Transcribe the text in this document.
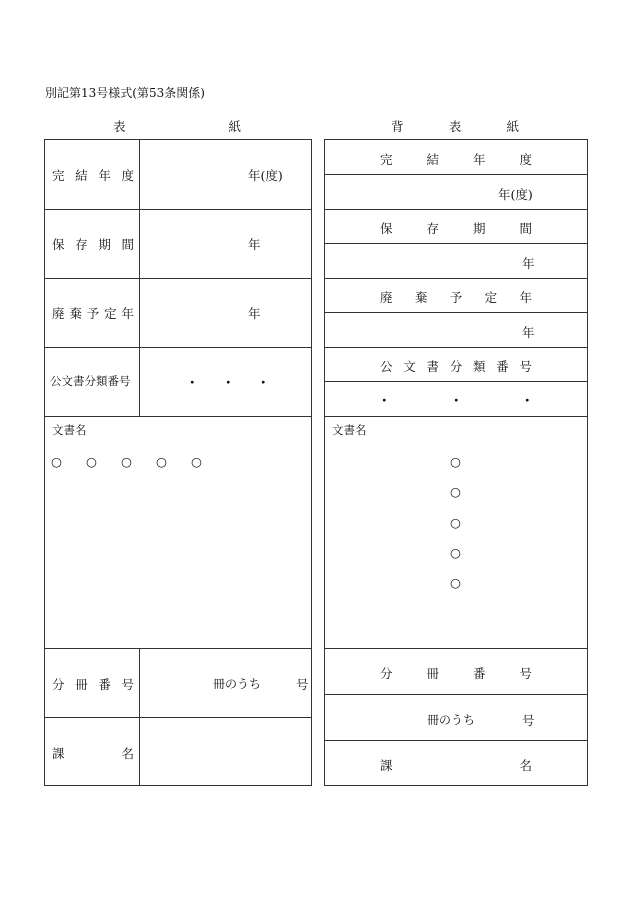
別記第13号様式(第53条関係)
表	紙	背	表	紙
完 結 年 度	年(度)
保 存 期 間	年
廃 棄 予 定 年	年
公文書分類番号	・ ・ ・
文書名
○ ○ ○ ○ ○
分 冊 番 号	冊のうち	号
課	名
完	結	年	度
年(度)
保	存	期	間
年
廃 棄 予 定 年
年
公 文 書 分 類 番 号
・	・	・
文書名
○
○
○
○
○
分	冊	番	号
冊のうち	号
課	名
